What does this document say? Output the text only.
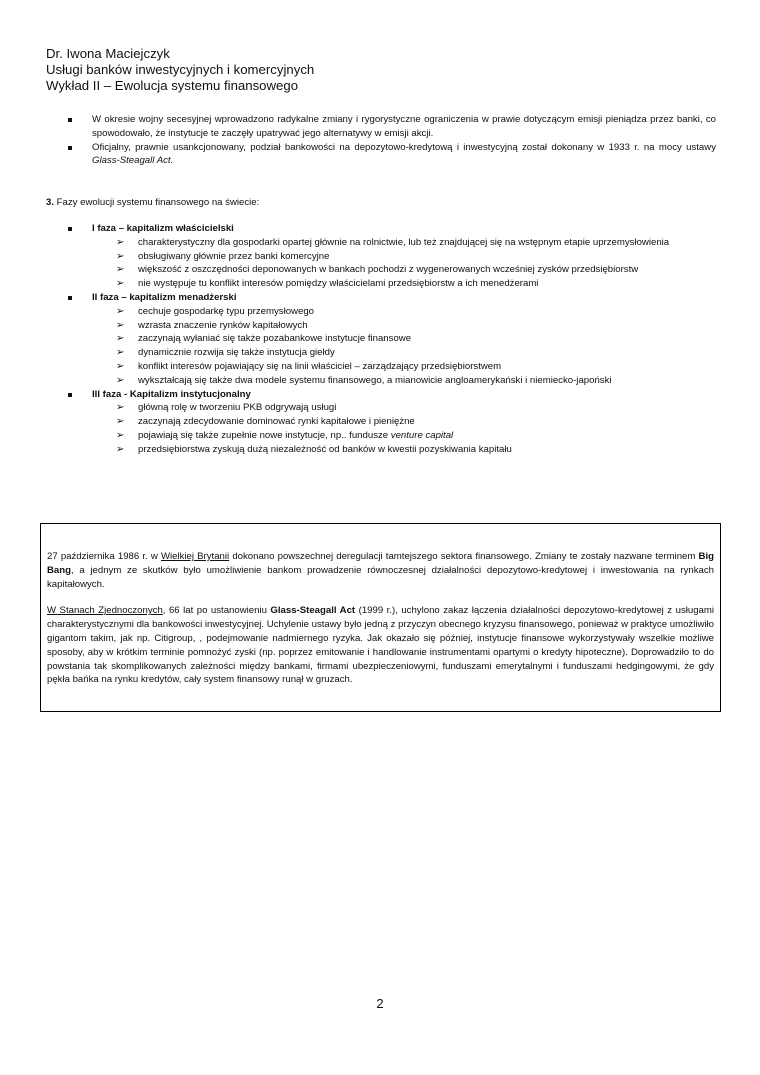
Dr. Iwona Maciejczyk
Usługi banków inwestycyjnych i komercyjnych
Wykład II – Ewolucja systemu finansowego
W okresie wojny secesyjnej wprowadzono radykalne zmiany i rygorystyczne ograniczenia w prawie dotyczącym emisji pieniądza przez banki, co spowodowało, że instytucje te zaczęły upatrywać jego alternatywy w emisji akcji.
Oficjalny, prawnie usankcjonowany, podział bankowości na depozytowo-kredytową i inwestycyjną został dokonany w 1933 r. na mocy ustawy Glass-Steagall Act.
3. Fazy ewolucji systemu finansowego na świecie:
I faza – kapitalizm właścicielski
➢ charakterystyczny dla gospodarki opartej głównie na rolnictwie, lub też znajdującej się na wstępnym etapie uprzemysłowienia
➢ obsługiwany głównie przez banki komercyjne
➢ większość z oszczędności deponowanych w bankach pochodzi z wygenerowanych wcześniej zysków przedsiębiorstw
➢ nie występuje tu konflikt interesów pomiędzy właścicielami przedsiębiorstw a ich menedżerami
II faza – kapitalizm menadżerski
➢ cechuje gospodarkę typu przemysłowego
➢ wzrasta znaczenie rynków kapitałowych
➢ zaczynają wyłaniać się także pozabankowe instytucje finansowe
➢ dynamicznie rozwija się także instytucja giełdy
➢ konflikt interesów pojawiający się na linii właściciel – zarządzający przedsiębiorstwem
➢ wykształcają się także dwa modele systemu finansowego, a mianowicie angloamerykański i niemiecko-japoński
III faza - Kapitalizm instytucjonalny
➢ główną rolę w tworzeniu PKB odgrywają usługi
➢ zaczynają zdecydowanie dominować rynki kapitałowe i pieniężne
➢ pojawiają się także zupełnie nowe instytucje, np.. fundusze venture capital
➢ przedsiębiorstwa zyskują dużą niezależność od banków w kwestii pozyskiwania kapitału

27 października 1986 r. w Wielkiej Brytanii dokonano powszechnej deregulacji tamtejszego sektora finansowego. Zmiany te zostały nazwane terminem Big Bang, a jednym ze skutków było umożliwienie bankom prowadzenie równoczesnej działalności depozytowo-kredytowej i inwestowania na rynkach kapitałowych.

W Stanach Zjednoczonych, 66 lat po ustanowieniu Glass-Steagall Act (1999 r.), uchylono zakaz łączenia działalności depozytowo-kredytowej z usługami charakterystycznymi dla bankowości inwestycyjnej. Uchylenie ustawy było jedną z przyczyn obecnego kryzysu finansowego, ponieważ w praktyce umożliwiło gigantom takim, jak np. Citigroup, , podejmowanie nadmiernego ryzyka. Jak okazało się później, instytucje finansowe wykorzystywały wszelkie możliwe sposoby, aby w krótkim terminie pomnożyć zyski (np. poprzez emitowanie i handlowanie instrumentami opartymi o kredyty hipoteczne). Doprowadziło to do powstania tak skomplikowanych zależności między bankami, firmami ubezpieczeniowymi, funduszami emerytalnymi i funduszami hedgingowymi, że gdy pękła bańka na rynku kredytów, cały system finansowy runął w gruzach.

2
